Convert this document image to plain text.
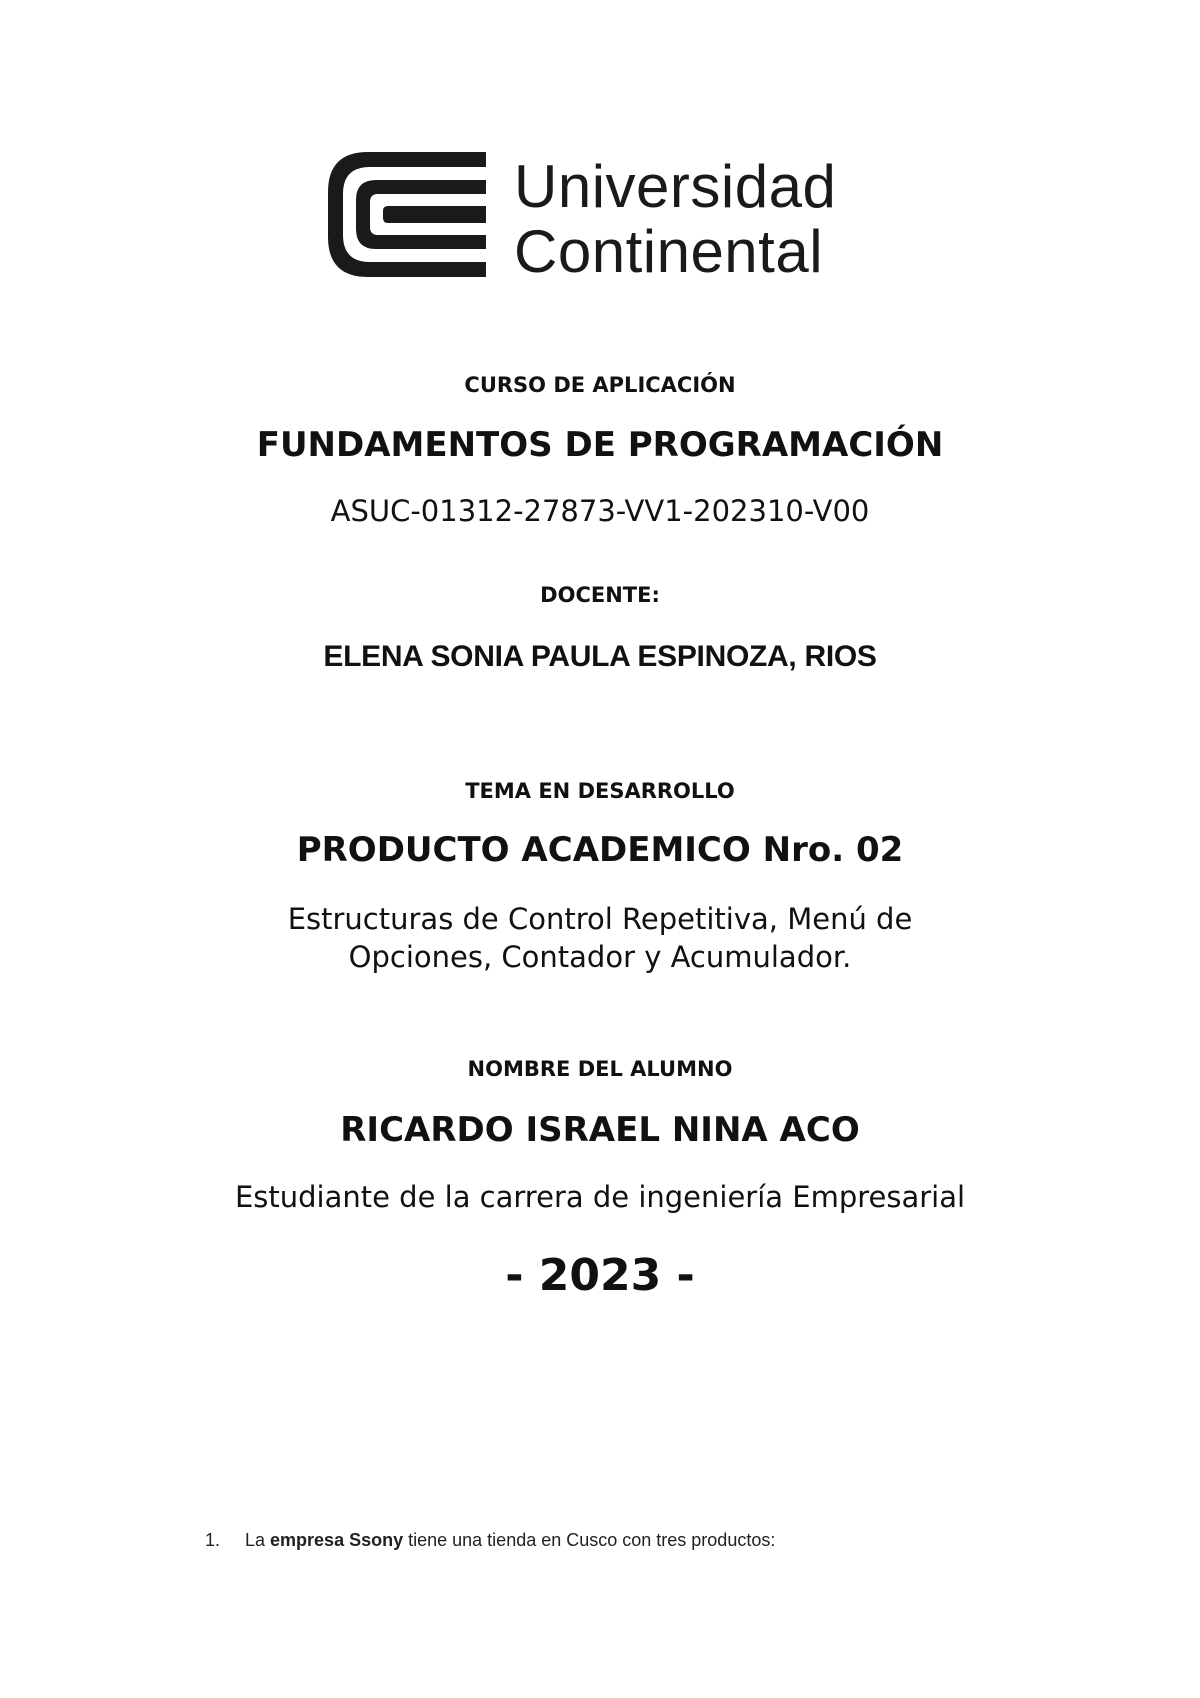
Universidad
Continental
CURSO DE APLICACIÓN
FUNDAMENTOS DE PROGRAMACIÓN
ASUC-01312-27873-VV1-202310-V00
DOCENTE:
ELENA SONIA PAULA ESPINOZA, RIOS
TEMA EN DESARROLLO
PRODUCTO ACADEMICO Nro. 02
Estructuras de Control Repetitiva, Menú de
Opciones, Contador y Acumulador.
NOMBRE DEL ALUMNO
RICARDO ISRAEL NINA ACO
Estudiante de la carrera de ingeniería Empresarial
- 2023 -
1. La empresa Ssony tiene una tienda en Cusco con tres productos:
